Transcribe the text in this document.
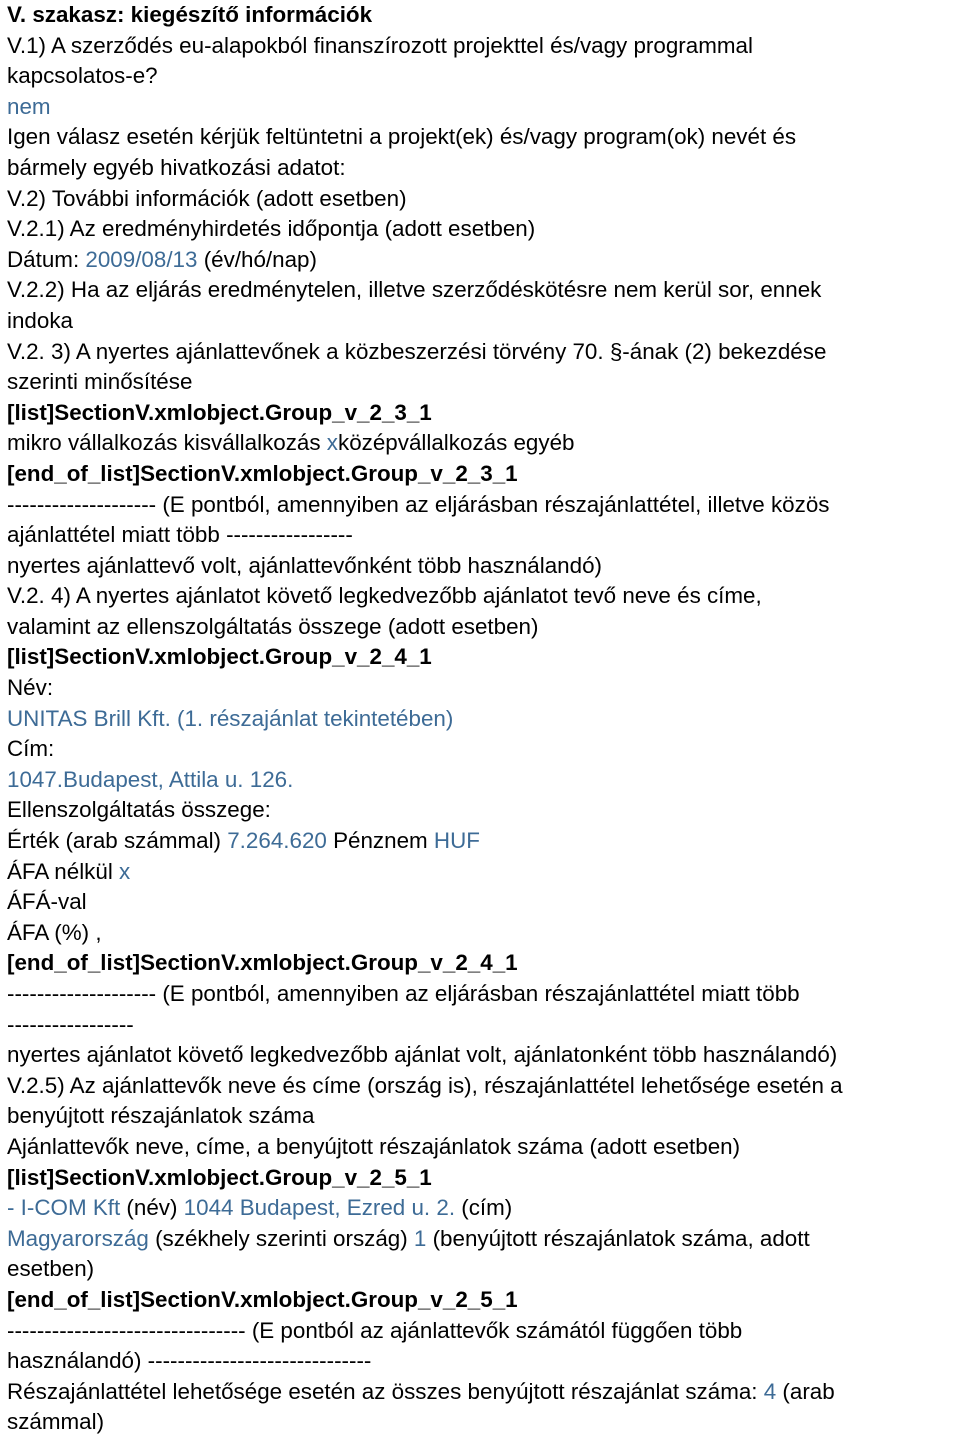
V. szakasz: kiegészítő információk
V.1) A szerződés eu-alapokból finanszírozott projekttel és/vagy programmal
kapcsolatos-e?
nem
Igen válasz esetén kérjük feltüntetni a projekt(ek) és/vagy program(ok) nevét és
bármely egyéb hivatkozási adatot:
V.2) További információk (adott esetben)
V.2.1) Az eredményhirdetés időpontja (adott esetben)
Dátum: 2009/08/13 (év/hó/nap)
V.2.2) Ha az eljárás eredménytelen, illetve szerződéskötésre nem kerül sor, ennek
indoka
V.2. 3) A nyertes ajánlattevőnek a közbeszerzési törvény 70. §-ának (2) bekezdése
szerinti minősítése
[list]SectionV.xmlobject.Group_v_2_3_1
mikro vállalkozás kisvállalkozás xközépvállalkozás egyéb
[end_of_list]SectionV.xmlobject.Group_v_2_3_1
-------------------- (E pontból, amennyiben az eljárásban részajánlattétel, illetve közös
ajánlattétel miatt több -----------------
nyertes ajánlattevő volt, ajánlattevőnként több használandó)
V.2. 4) A nyertes ajánlatot követő legkedvezőbb ajánlatot tevő neve és címe,
valamint az ellenszolgáltatás összege (adott esetben)
[list]SectionV.xmlobject.Group_v_2_4_1
Név:
UNITAS Brill Kft. (1. részajánlat tekintetében)
Cím:
1047.Budapest, Attila u. 126.
Ellenszolgáltatás összege:
Érték (arab számmal) 7.264.620 Pénznem HUF
ÁFA nélkül x
ÁFÁ-val
ÁFA (%) ,
[end_of_list]SectionV.xmlobject.Group_v_2_4_1
-------------------- (E pontból, amennyiben az eljárásban részajánlattétel miatt több
-----------------
nyertes ajánlatot követő legkedvezőbb ajánlat volt, ajánlatonként több használandó)
V.2.5) Az ajánlattevők neve és címe (ország is), részajánlattétel lehetősége esetén a
benyújtott részajánlatok száma
Ajánlattevők neve, címe, a benyújtott részajánlatok száma (adott esetben)
[list]SectionV.xmlobject.Group_v_2_5_1
- I-COM Kft (név) 1044 Budapest, Ezred u. 2. (cím)
Magyarország (székhely szerinti ország) 1 (benyújtott részajánlatok száma, adott
esetben)
[end_of_list]SectionV.xmlobject.Group_v_2_5_1
-------------------------------- (E pontból az ajánlattevők számától függően több
használandó) ------------------------------
Részajánlattétel lehetősége esetén az összes benyújtott részajánlat száma: 4 (arab
számmal)
